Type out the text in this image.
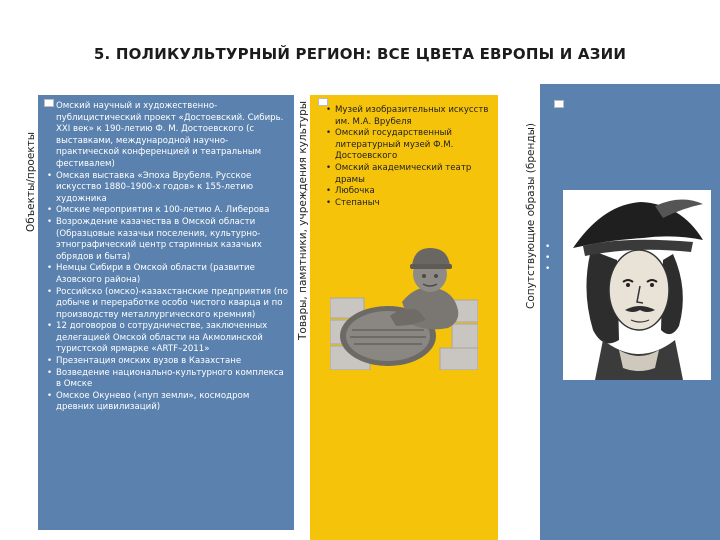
5. ПОЛИКУЛЬТУРНЫЙ РЕГИОН: ВСЕ ЦВЕТА ЕВРОПЫ И АЗИИ
Объекты/проекты	Товары, памятники, учреждения культуры	Сопутствующие образы (бренды)
• Омский научный и художественно-публицистический проект «Достоевский. Сибирь. XXI век» к 190-летию Ф. М. Достоевского (с выставками, международной научно-практической конференцией и театральным фестивалем)
• Омская выставка «Эпоха Врубеля. Русское искусство 1880–1900-х годов» к 155-летию художника
• Омские мероприятия к 100-летию А. Либерова
• Возрождение казачества в Омской области (Образцовые казачьи поселения, культурно-этнографический центр старинных казачьих обрядов и быта)
• Немцы Сибири в Омской области (развитие Азовского района)
• Российско (омско)-казахстанские предприятия (по добыче и переработке особо чистого кварца и по производству металлургического кремния)
• 12 договоров о сотрудничестве, заключенных делегацией Омской области на Акмолинской туристской ярмарке «ARTF–2011»
• Презентация омских вузов в Казахстане
• Возведение национально-культурного комплекса в Омске
• Омское Окунево («пуп земли», космодром древних цивилизаций)
• Музей изобразительных искусств им. М.А. Врубеля
• Омский государственный литературный музей Ф.М. Достоевского
• Омский академический театр драмы
• Любочка
• Степаныч
•
•
•
